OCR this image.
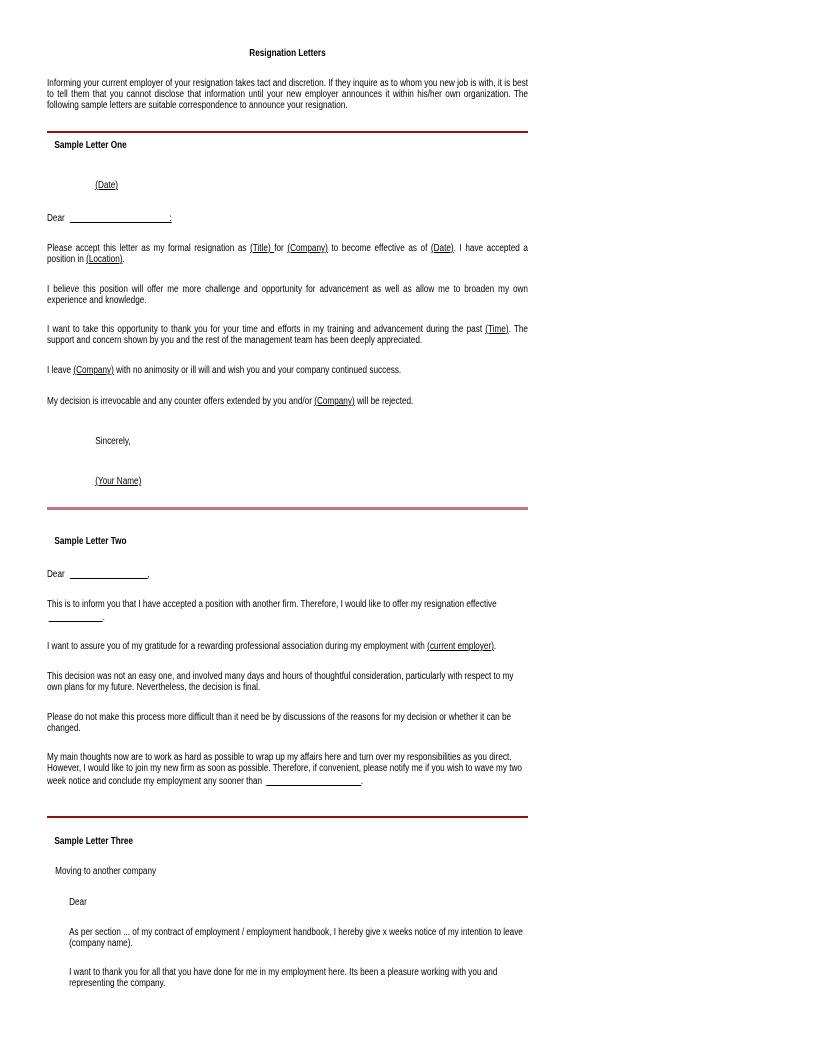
Resignation Letters

Informing your current employer of your resignation takes tact and discretion. If they inquire as to whom you new job is with, it is best to tell them that you cannot disclose that information until your new employer announces it within his/her own organization. The following sample letters are suitable correspondence to announce your resignation.

Sample Letter One

(Date)

Dear	:

Please accept this letter as my formal resignation as (Title) for (Company) to become effective as of (Date). I have accepted a position in (Location).

I believe this position will offer me more challenge and opportunity for advancement as well as allow me to broaden my own experience and knowledge.

I want to take this opportunity to thank you for your time and efforts in my training and advancement during the past (Time). The support and concern shown by you and the rest of the management team has been deeply appreciated.

I leave (Company) with no animosity or ill will and wish you and your company continued success.

My decision is irrevocable and any counter offers extended by you and/or (Company) will be rejected.

Sincerely,

(Your Name)

Sample Letter Two

Dear	,

This is to inform you that I have accepted a position with another firm. Therefore, I would like to offer my resignation effective .

I want to assure you of my gratitude for a rewarding professional association during my employment with (current employer).

This decision was not an easy one, and involved many days and hours of thoughtful consideration, particularly with respect to my own plans for my future. Nevertheless, the decision is final.

Please do not make this process more difficult than it need be by discussions of the reasons for my decision or whether it can be changed.

My main thoughts now are to work as hard as possible to wrap up my affairs here and turn over my responsibilities as you direct. However, I would like to join my new firm as soon as possible. Therefore, if convenient, please notify me if you wish to wave my two week notice and conclude my employment any sooner than	.

Sample Letter Three

Moving to another company

Dear

As per section ... of my contract of employment / employment handbook, I hereby give x weeks notice of my intention to leave (company name).

I want to thank you for all that you have done for me in my employment here. Its been a pleasure working with you and representing the company.
